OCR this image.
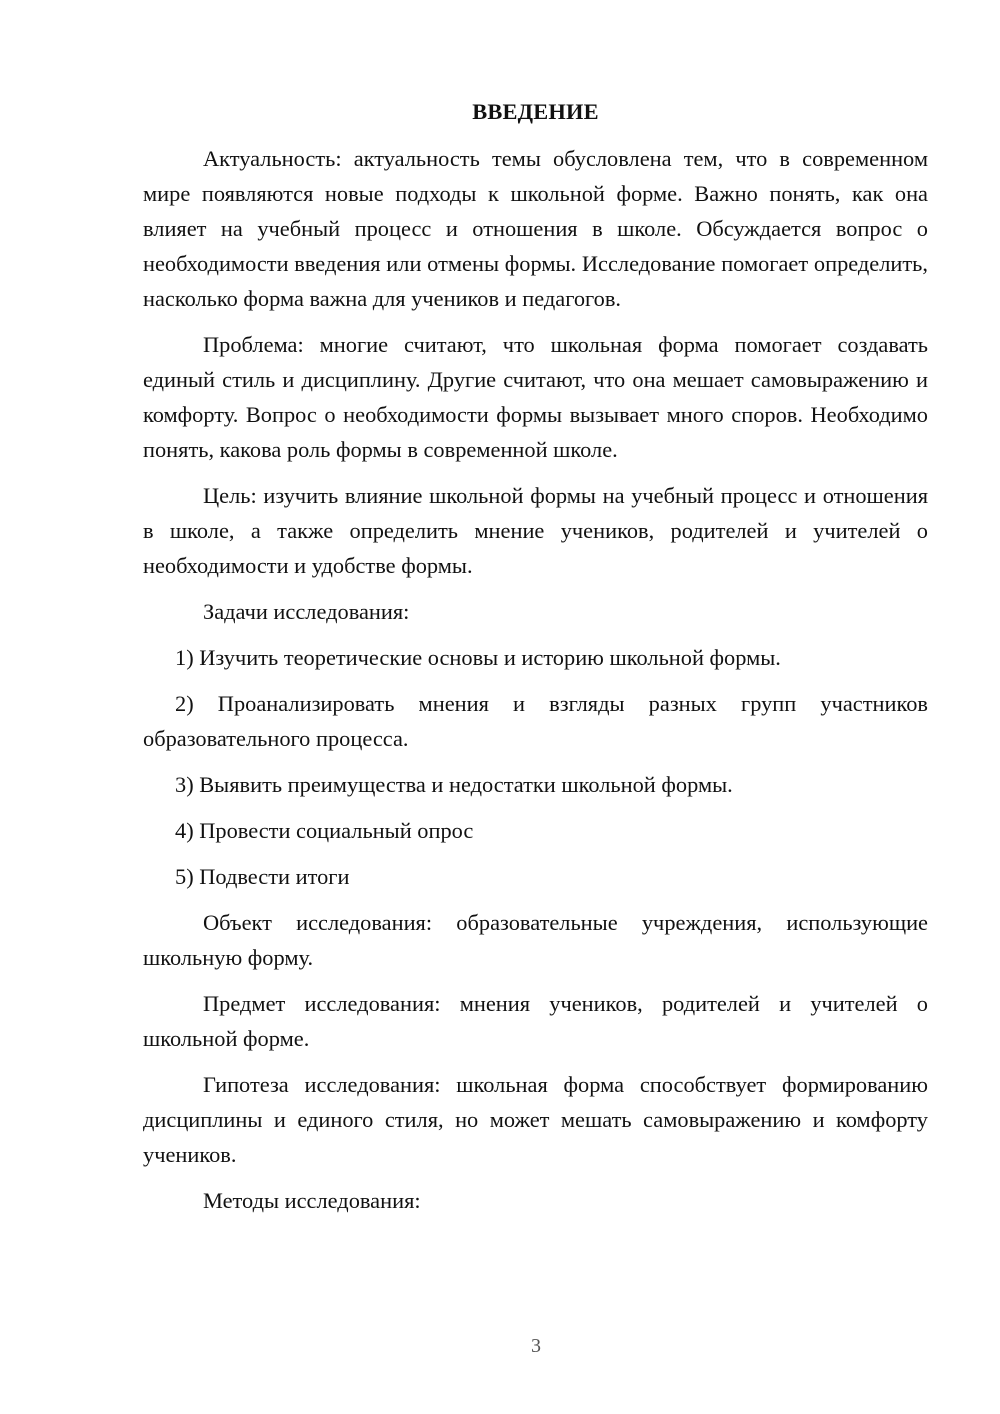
ВВЕДЕНИЕ

Актуальность: актуальность темы обусловлена тем, что в современном мире появляются новые подходы к школьной форме. Важно понять, как она влияет на учебный процесс и отношения в школе. Обсуждается вопрос о необходимости введения или отмены формы. Исследование помогает определить, насколько форма важна для учеников и педагогов.

Проблема: многие считают, что школьная форма помогает создавать единый стиль и дисциплину. Другие считают, что она мешает самовыражению и комфорту. Вопрос о необходимости формы вызывает много споров. Необходимо понять, какова роль формы в современной школе.

Цель: изучить влияние школьной формы на учебный процесс и отношения в школе, а также определить мнение учеников, родителей и учителей о необходимости и удобстве формы.

Задачи исследования:

1) Изучить теоретические основы и историю школьной формы.

2) Проанализировать мнения и взгляды разных групп участников образовательного процесса.

3) Выявить преимущества и недостатки школьной формы.

4) Провести социальный опрос

5) Подвести итоги

Объект исследования: образовательные учреждения, использующие школьную форму.

Предмет исследования: мнения учеников, родителей и учителей о школьной форме.

Гипотеза исследования: школьная форма способствует формированию дисциплины и единого стиля, но может мешать самовыражению и комфорту учеников.

Методы исследования:

3
